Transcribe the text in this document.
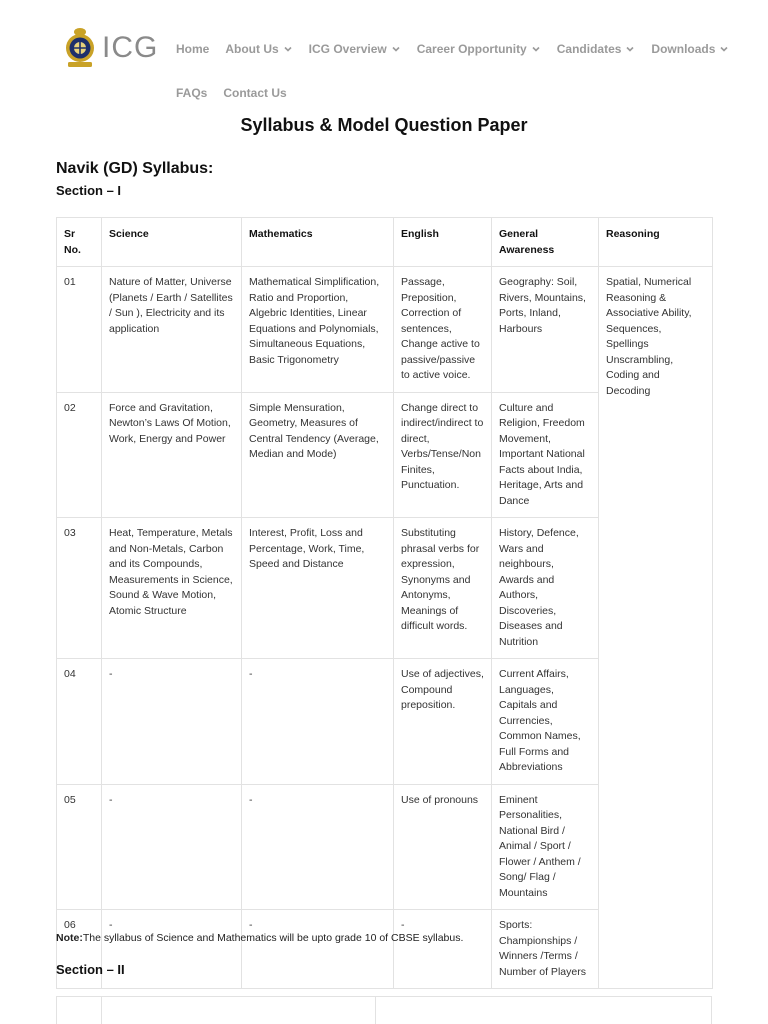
ICG Home About Us	ICG Overview	Career Opportunity	Candidates	Downloads
FAQs Contact Us
Syllabus & Model Question Paper
Navik (GD) Syllabus:
Section – I
Sr No.	Science	Mathematics	English	General Awareness	Reasoning
01	Nature of Matter, Universe (Planets / Earth / Satellites / Sun ), Electricity and its application	Mathematical Simplification, Ratio and Proportion, Algebric Identities, Linear Equations and Polynomials, Simultaneous Equations, Basic Trigonometry	Passage, Preposition, Correction of sentences, Change active to passive/passive to active voice.	Geography: Soil, Rivers, Mountains, Ports, Inland, Harbours	Spatial, Numerical Reasoning & Associative Ability, Sequences, Spellings Unscrambling, Coding and Decoding
02	Force and Gravitation, Newton’s Laws Of Motion, Work, Energy and Power	Simple Mensuration, Geometry, Measures of Central Tendency (Average, Median and Mode)	Change direct to indirect/indirect to direct, Verbs/Tense/Non Finites, Punctuation.	Culture and Religion, Freedom Movement, Important National Facts about India, Heritage, Arts and Dance	
03	Heat, Temperature, Metals and Non-Metals, Carbon and its Compounds, Measurements in Science, Sound & Wave Motion, Atomic Structure	Interest, Profit, Loss and Percentage, Work, Time, Speed and Distance	Substituting phrasal verbs for expression, Synonyms and Antonyms, Meanings of difficult words.	History, Defence, Wars and neighbours, Awards and Authors, Discoveries, Diseases and Nutrition	
04	-	-	Use of adjectives, Compound preposition.	Current Affairs, Languages, Capitals and Currencies, Common Names, Full Forms and Abbreviations	
05	-	-	Use of pronouns	Eminent Personalities, National Bird / Animal / Sport / Flower / Anthem / Song/ Flag / Mountains	
06	-	-	-	Sports: Championships / Winners /Terms / Number of Players	
Note:The syllabus of Science and Mathematics will be upto grade 10 of CBSE syllabus.
Section – II
